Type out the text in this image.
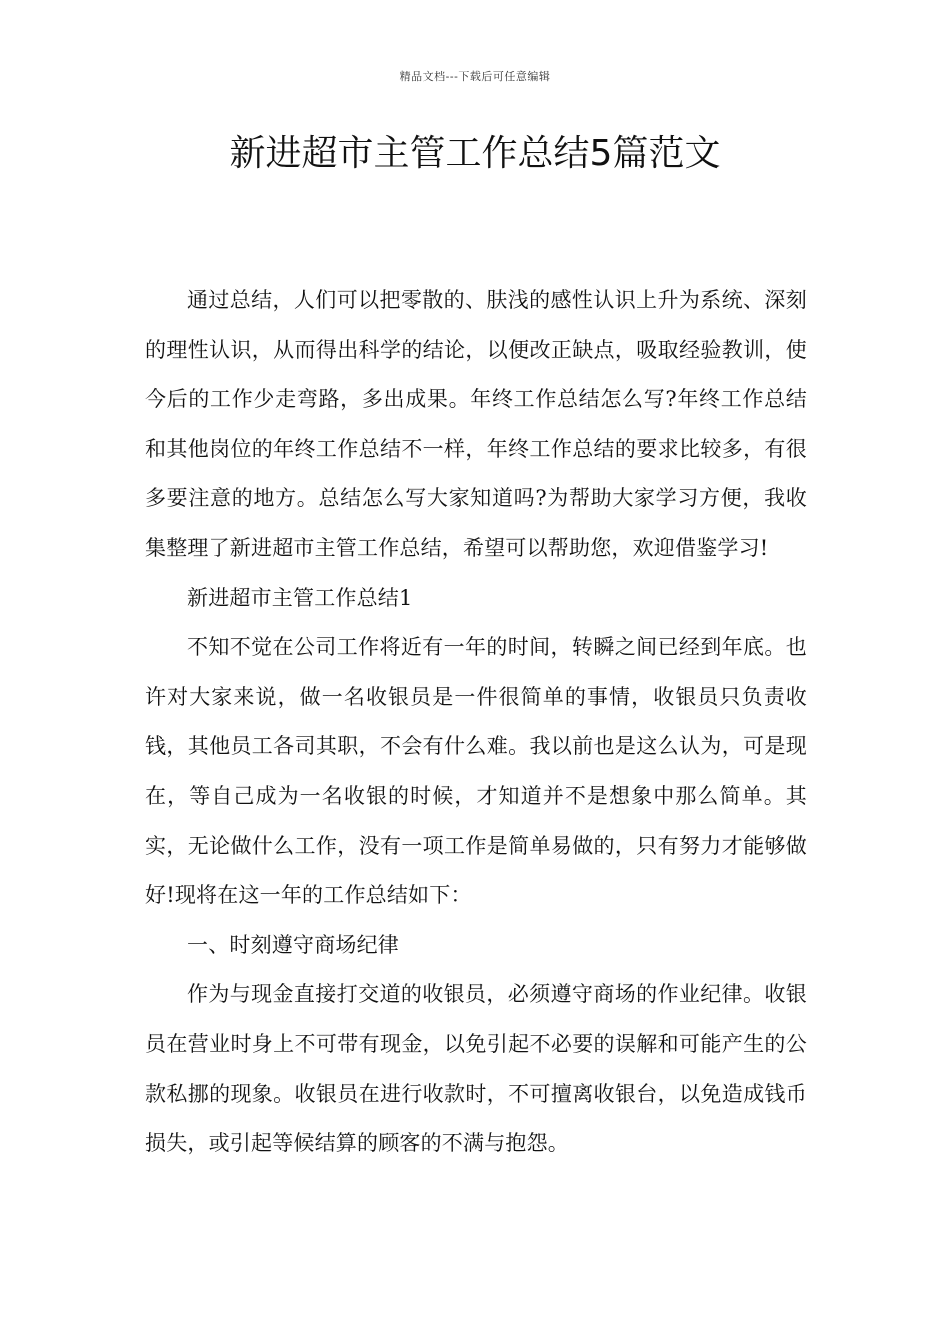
精品文档---下载后可任意编辑
新进超市主管工作总结5篇范文

通过总结，人们可以把零散的、肤浅的感性认识上升为系统、深刻的理性认识，从而得出科学的结论，以便改正缺点，吸取经验教训，使今后的工作少走弯路，多出成果。年终工作总结怎么写?年终工作总结和其他岗位的年终工作总结不一样，年终工作总结的要求比较多，有很多要注意的地方。总结怎么写大家知道吗?为帮助大家学习方便，我收集整理了新进超市主管工作总结，希望可以帮助您，欢迎借鉴学习!

新进超市主管工作总结1

不知不觉在公司工作将近有一年的时间，转瞬之间已经到年底。也许对大家来说，做一名收银员是一件很简单的事情，收银员只负责收钱，其他员工各司其职，不会有什么难。我以前也是这么认为，可是现在，等自己成为一名收银的时候，才知道并不是想象中那么简单。其实，无论做什么工作，没有一项工作是简单易做的，只有努力才能够做好!现将在这一年的工作总结如下：

一、时刻遵守商场纪律

作为与现金直接打交道的收银员，必须遵守商场的作业纪律。收银员在营业时身上不可带有现金，以免引起不必要的误解和可能产生的公款私挪的现象。收银员在进行收款时，不可擅离收银台，以免造成钱币损失，或引起等候结算的顾客的不满与抱怨。
